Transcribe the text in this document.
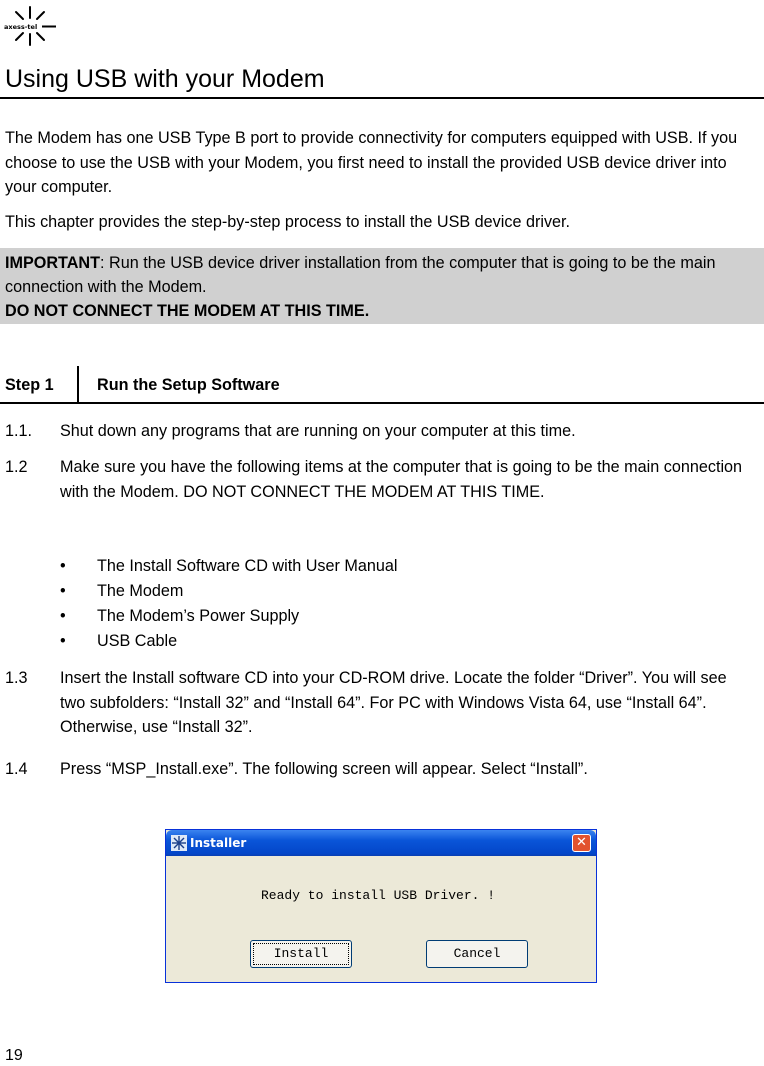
axess-tel
Using USB with your Modem

The Modem has one USB Type B port to provide connectivity for computers equipped with USB. If you choose to use the USB with your Modem, you first need to install the provided USB device driver into your computer.

This chapter provides the step-by-step process to install the USB device driver.

IMPORTANT: Run the USB device driver installation from the computer that is going to be the main connection with the Modem.
DO NOT CONNECT THE MODEM AT THIS TIME.
Step 1	Run the Setup Software
1.1. Shut down any programs that are running on your computer at this time.
1.2 Make sure you have the following items at the computer that is going to be the main connection with the Modem. DO NOT CONNECT THE MODEM AT THIS TIME.
• The Install Software CD with User Manual
• The Modem
• The Modem’s Power Supply
• USB Cable
1.3 Insert the Install software CD into your CD-ROM drive. Locate the folder “Driver”. You will see two subfolders: “Install 32” and “Install 64”. For PC with Windows Vista 64, use “Install 64”. Otherwise, use “Install 32”.
1.4 Press “MSP_Install.exe”. The following screen will appear. Select “Install”.
Installer	✕
Ready to install USB Driver. !
Install	Cancel
19
